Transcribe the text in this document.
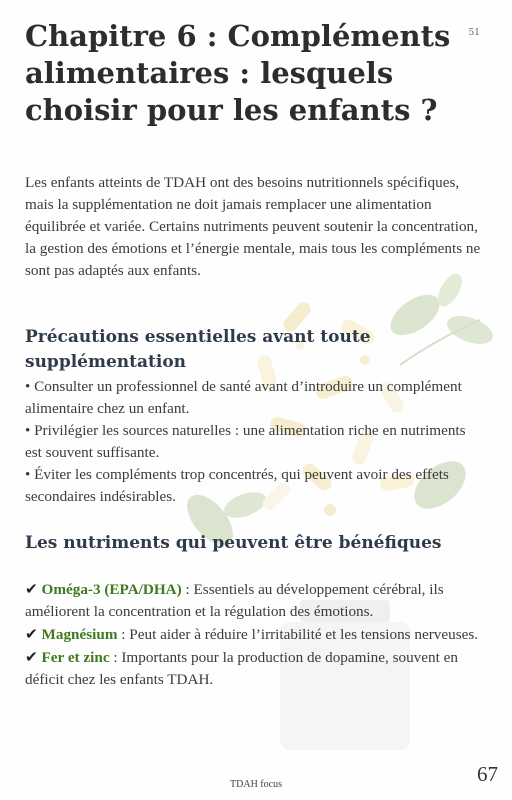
51
Chapitre 6 : Compléments alimentaires : lesquels choisir pour les enfants ?

Les enfants atteints de TDAH ont des besoins nutritionnels spécifiques, mais la supplémentation ne doit jamais remplacer une alimentation équilibrée et variée. Certains nutriments peuvent soutenir la concentration, la gestion des émotions et l’énergie mentale, mais tous les compléments ne sont pas adaptés aux enfants.

Précautions essentielles avant toute supplémentation
• Consulter un professionnel de santé avant d’introduire un complément alimentaire chez un enfant.
• Privilégier les sources naturelles : une alimentation riche en nutriments est souvent suffisante.
• Éviter les compléments trop concentrés, qui peuvent avoir des effets secondaires indésirables.
Les nutriments qui peuvent être bénéfiques
✔ Oméga-3 (EPA/DHA) : Essentiels au développement cérébral, ils améliorent la concentration et la régulation des émotions.
✔ Magnésium : Peut aider à réduire l’irritabilité et les tensions nerveuses.
✔ Fer et zinc : Importants pour la production de dopamine, souvent en déficit chez les enfants TDAH.
TDAH focus	67
